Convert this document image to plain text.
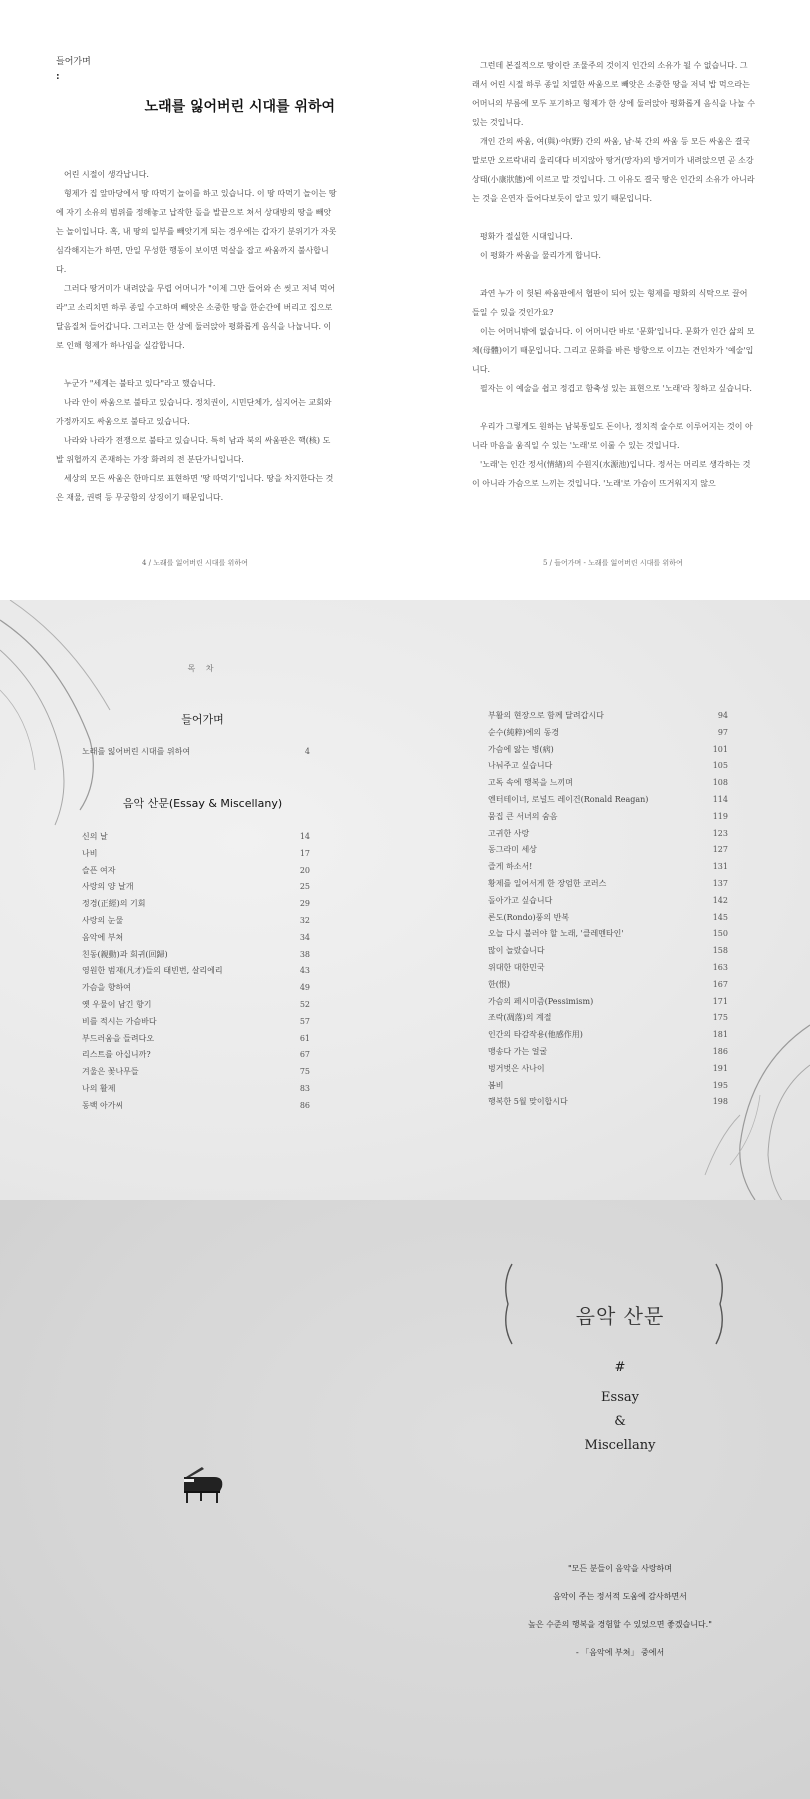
들어가며
:
노래를 잃어버린 시대를 위하여

어린 시절이 생각납니다.

형제가 집 앞마당에서 땅 따먹기 놀이를 하고 있습니다. 이 땅 따먹기 놀이는 땅에 자기 소유의 범위를 정해놓고 납작한 돌을 발끝으로 쳐서 상대방의 땅을 빼앗는 놀이입니다. 혹, 내 땅의 일부를 빼앗기게 되는 경우에는 갑자기 분위기가 자못 심각해지는가 하면, 만일 무성한 행동이 보이면 먹살을 잡고 싸움까지 불사합니다.

그러다 땅거미가 내려앉을 무렵 어머니가 "이제 그만 들어와 손 씻고 저녁 먹어라"고 소리치면 하루 종일 수고하며 빼앗은 소중한 땅을 한순간에 버리고 집으로 달음질쳐 들어갑니다. 그러고는 한 상에 둘러앉아 평화롭게 음식을 나눕니다. 이로 인해 형제가 하나임을 실감합니다.

누군가 "세계는 불타고 있다"라고 했습니다.

나라 안이 싸움으로 불타고 있습니다. 정치권이, 시민단체가, 심지어는 교회와 가정까지도 싸움으로 불타고 있습니다.

나라와 나라가 전쟁으로 불타고 있습니다. 특히 남과 북의 싸움판은 핵(核) 도발 위협까지 존재하는 가장 화려의 전 분단가니입니다.

세상의 모든 싸움은 한마디로 표현하면 '땅 따먹기'입니다. 땅을 차지한다는 것은 재물, 권력 등 무궁함의 상징이기 때문입니다.

그런데 본질적으로 땅이란 조물주의 것이지 인간의 소유가 될 수 없습니다. 그래서 어린 시절 하루 종일 치열한 싸움으로 빼앗은 소중한 땅을 저녁 밥 먹으라는 어머니의 부름에 모두 포기하고 형제가 한 상에 둘러앉아 평화롭게 음식을 나눌 수 있는 것입니다.

개인 간의 싸움, 여(與)·야(野) 간의 싸움, 남·북 간의 싸움 등 모든 싸움은 결국 말로만 오르락내리 울리대다 비지않아 땅거(망자)의 방거미가 내려앉으면 곧 소강상태(小康狀態)에 이르고 말 것입니다. 그 이유도 결국 땅은 인간의 소유가 아니라는 것을 은연자 들어다보듯이 알고 있기 때문입니다.

평화가 절실한 시대입니다.

이 평화가 싸움을 물리가게 합니다.

과연 누가 이 헛된 싸움판에서 협판이 되어 있는 형제를 평화의 식탁으로 끌어들일 수 있을 것인가요?

이는 어머니밖에 없습니다. 이 어머니란 바로 '문화'입니다. 문화가 인간 삶의 모체(母體)이기 때문입니다. 그리고 문화를 바른 방향으로 이끄는 견인차가 '예술'입니다.

필자는 이 예술을 쉽고 정겹고 함축성 있는 표현으로 '노래'라 칭하고 싶습니다.

우리가 그렇게도 원하는 남북통일도 돈이나, 정치적 술수로 이루어지는 것이 아니라 마음을 움직일 수 있는 '노래'로 이룰 수 있는 것입니다.

'노래'는 인간 정서(情緖)의 수원지(水源池)입니다. 정서는 머리로 생각하는 것이 아니라 가슴으로 느끼는 것입니다. '노래'로 가슴이 뜨거워지지 않으

4 / 노래를 잃어버린 시대를 위하여	5 / 들어가며 - 노래를 잃어버린 시대를 위하여
목 차
들어가며
노래를 잃어버린 시대를 위하여	4
음악 산문(Essay & Miscellany)
신의 날	14
나비	17
슬픈 여자	20
사랑의 양 날개	25
정경(正經)의 기회	29
사랑의 눈물	32
음악에 부쳐	34
친동(親動)과 회귀(回歸)	38
영원한 범재(凡才)들의 태빈번, 살리에리	43
가슴을 향하여	49
옛 우물이 남긴 향기	52
비를 적시는 가슴바다	57
부드러움을 들려다오	61
리스트를 아십니까?	67
겨울은 꽃나무들	75
나의 활제	83
동백 아가씨	86
부활의 현장으로 함께 달려갑시다	94
순수(純粹)에의 동경	97
가슴에 앓는 병(病)	101
나눠주고 싶습니다	105
고독 속에 행복을 느끼며	108
엔터테이너, 로널드 레이건(Ronald Reagan)	114
뭄집 큰 서녀의 숨음	119
고귀한 사랑	123
동그라미 세상	127
즐게 하소서!	131
황제를 일어서게 한 장엄한 코러스	137
돌아가고 싶습니다	142
론도(Rondo)풍의 반복	145
오늘 다시 불러야 할 노래, '클레멘타인'	150
많이 놀랐습니다	158
위대한 대한민국	163
한(恨)	167
가슴의 페시미즘(Pessimism)	171
조락(凋落)의 계절	175
인간의 타감작용(他感作用)	181
맹송다 가는 얼굴	186
벙거벗은 사나이	191
봄비	195
행복한 5월 맞이합시다	198
음악 산문
#
Essay
&
Miscellany
"모든 분들이 음악을 사랑하며
음악이 주는 정서적 도움에 감사하면서
높은 수준의 행복을 경험할 수 있었으면 좋겠습니다."
- 「음악에 부쳐」 중에서
